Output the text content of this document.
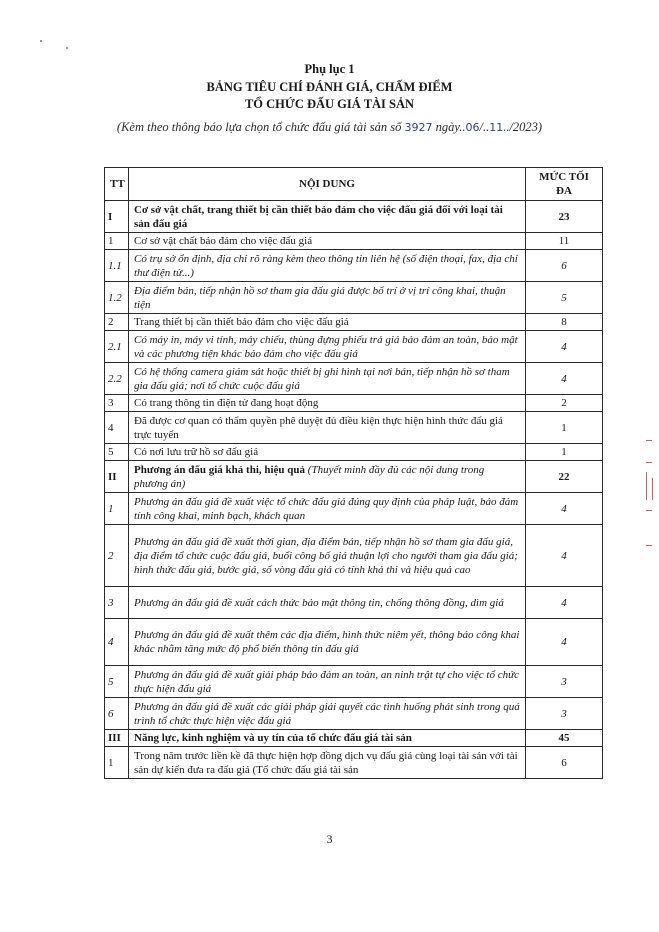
Phụ lục 1
BẢNG TIÊU CHÍ ĐÁNH GIÁ, CHẤM ĐIỂM
TỔ CHỨC ĐẤU GIÁ TÀI SẢN
(Kèm theo thông báo lựa chọn tổ chức đấu giá tài sản số 3927 ngày..06/..11../2023)
TT	NỘI DUNG	MỨC TỐI ĐA
I	Cơ sở vật chất, trang thiết bị cần thiết bảo đảm cho việc đấu giá đối với loại tài sản đấu giá	23
1	Cơ sở vật chất bảo đảm cho việc đấu giá	11
1.1	Có trụ sở ổn định, địa chỉ rõ ràng kèm theo thông tin liên hệ (số điện thoại, fax, địa chỉ thư điện tử...)	6
1.2	Địa điểm bán, tiếp nhận hồ sơ tham gia đấu giá được bố trí ở vị trí công khai, thuận tiện	5
2	Trang thiết bị cần thiết bảo đảm cho việc đấu giá	8
2.1	Có máy in, máy vi tính, máy chiếu, thùng đựng phiếu trả giá bảo đảm an toàn, bảo mật và các phương tiện khác bảo đảm cho việc đấu giá	4
2.2	Có hệ thống camera giám sát hoặc thiết bị ghi hình tại nơi bán, tiếp nhận hồ sơ tham gia đấu giá; nơi tổ chức cuộc đấu giá	4
3	Có trang thông tin điện tử đang hoạt động	2
4	Đã được cơ quan có thẩm quyền phê duyệt đủ điều kiện thực hiện hình thức đấu giá trực tuyến	1
5	Có nơi lưu trữ hồ sơ đấu giá	1
II	Phương án đấu giá khả thi, hiệu quả (Thuyết minh đầy đủ các nội dung trong phương án)	22
1	Phương án đấu giá đề xuất việc tổ chức đấu giá đúng quy định của pháp luật, bảo đảm tính công khai, minh bạch, khách quan	4
2	Phương án đấu giá đề xuất thời gian, địa điểm bán, tiếp nhận hồ sơ tham gia đấu giá, địa điểm tổ chức cuộc đấu giá, buổi công bố giá thuận lợi cho người tham gia đấu giá; hình thức đấu giá, bước giá, số vòng đấu giá có tính khả thi và hiệu quả cao	4
3	Phương án đấu giá đề xuất cách thức bảo mật thông tin, chống thông đồng, dìm giá	4
4	Phương án đấu giá đề xuất thêm các địa điểm, hình thức niêm yết, thông báo công khai khác nhằm tăng mức độ phổ biến thông tin đấu giá	4
5	Phương án đấu giá đề xuất giải pháp bảo đảm an toàn, an ninh trật tự cho việc tổ chức thực hiện đấu giá	3
6	Phương án đấu giá đề xuất các giải pháp giải quyết các tình huống phát sinh trong quá trình tổ chức thực hiện việc đấu giá	3
III	Năng lực, kinh nghiệm và uy tín của tổ chức đấu giá tài sản	45
1	Trong năm trước liền kề đã thực hiện hợp đồng dịch vụ đấu giá cùng loại tài sản với tài sản dự kiến đưa ra đấu giá (Tổ chức đấu giá tài sản	6
3
